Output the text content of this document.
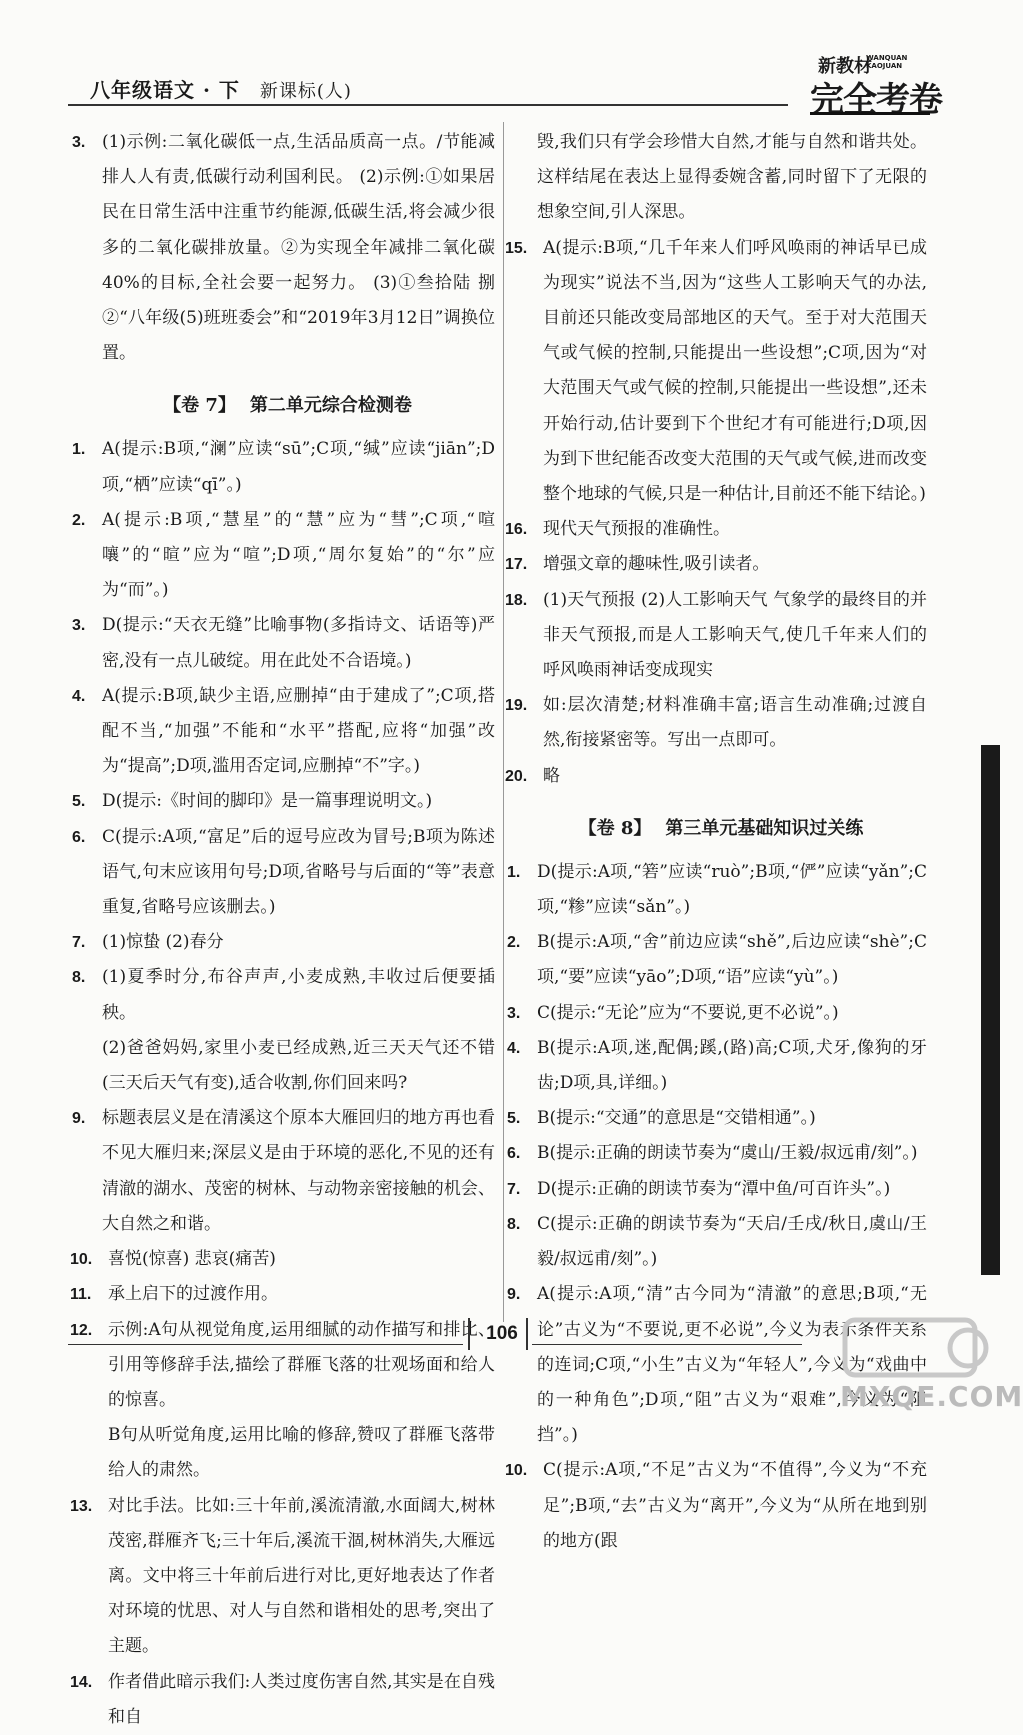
八年级语文 · 下 新课标(人)
新教材
WANQUAN
KAOJUAN
完全考卷
3. (1)示例:二氧化碳低一点,生活品质高一点。/节能减排人人有责,低碳行动利国利民。 (2)示例:①如果居民在日常生活中注重节约能源,低碳生活,将会减少很多的二氧化碳排放量。②为实现全年减排二氧化碳40%的目标,全社会要一起努力。 (3)①叁拾陆 捌 ②“八年级(5)班班委会”和“2019年3月12日”调换位置。
【卷 7】 第二单元综合检测卷
1. A(提示:B项,“澜”应读“sū”;C项,“缄”应读“jiān”;D项,“栖”应读“qī”。)
2. A(提示:B项,“慧星”的“慧”应为“彗”;C项,“喧嚷”的“暄”应为“喧”;D项,“周尔复始”的“尔”应为“而”。)
3. D(提示:“天衣无缝”比喻事物(多指诗文、话语等)严密,没有一点儿破绽。用在此处不合语境。)
4. A(提示:B项,缺少主语,应删掉“由于建成了”;C项,搭配不当,“加强”不能和“水平”搭配,应将“加强”改为“提高”;D项,滥用否定词,应删掉“不”字。)
5. D(提示:《时间的脚印》是一篇事理说明文。)
6. C(提示:A项,“富足”后的逗号应改为冒号;B项为陈述语气,句末应该用句号;D项,省略号与后面的“等”表意重复,省略号应该删去。)
7. (1)惊蛰 (2)春分
8. (1)夏季时分,布谷声声,小麦成熟,丰收过后便要插秧。
(2)爸爸妈妈,家里小麦已经成熟,近三天天气还不错(三天后天气有变),适合收割,你们回来吗?
9. 标题表层义是在清溪这个原本大雁回归的地方再也看不见大雁归来;深层义是由于环境的恶化,不见的还有清澈的湖水、茂密的树林、与动物亲密接触的机会、大自然之和谐。
10. 喜悦(惊喜) 悲哀(痛苦)
11. 承上启下的过渡作用。
12. 示例:A句从视觉角度,运用细腻的动作描写和排比、引用等修辞手法,描绘了群雁飞落的壮观场面和给人的惊喜。
B句从听觉角度,运用比喻的修辞,赞叹了群雁飞落带给人的肃然。
13. 对比手法。比如:三十年前,溪流清澈,水面阔大,树林茂密,群雁齐飞;三十年后,溪流干涸,树林消失,大雁远离。文中将三十年前后进行对比,更好地表达了作者对环境的忧思、对人与自然和谐相处的思考,突出了主题。
14. 作者借此暗示我们:人类过度伤害自然,其实是在自残和自
毁,我们只有学会珍惜大自然,才能与自然和谐共处。这样结尾在表达上显得委婉含蓄,同时留下了无限的想象空间,引人深思。
15. A(提示:B项,“几千年来人们呼风唤雨的神话早已成为现实”说法不当,因为“这些人工影响天气的办法,目前还只能改变局部地区的天气。至于对大范围天气或气候的控制,只能提出一些设想”;C项,因为“对大范围天气或气候的控制,只能提出一些设想”,还未开始行动,估计要到下个世纪才有可能进行;D项,因为到下世纪能否改变大范围的天气或气候,进而改变整个地球的气候,只是一种估计,目前还不能下结论。)
16. 现代天气预报的准确性。
17. 增强文章的趣味性,吸引读者。
18. (1)天气预报 (2)人工影响天气 气象学的最终目的并非天气预报,而是人工影响天气,使几千年来人们的呼风唤雨神话变成现实
19. 如:层次清楚;材料准确丰富;语言生动准确;过渡自然,衔接紧密等。写出一点即可。
20. 略
【卷 8】 第三单元基础知识过关练
1. D(提示:A项,“箬”应读“ruò”;B项,“俨”应读“yǎn”;C项,“糁”应读“sǎn”。)
2. B(提示:A项,“舍”前边应读“shě”,后边应读“shè”;C项,“要”应读“yāo”;D项,“语”应读“yù”。)
3. C(提示:“无论”应为“不要说,更不必说”。)
4. B(提示:A项,迷,配偶;蹊,(路)高;C项,犬牙,像狗的牙齿;D项,具,详细。)
5. B(提示:“交通”的意思是“交错相通”。)
6. B(提示:正确的朗读节奏为“虞山/王毅/叔远甫/刻”。)
7. D(提示:正确的朗读节奏为“潭中鱼/可百许头”。)
8. C(提示:正确的朗读节奏为“天启/壬戌/秋日,虞山/王毅/叔远甫/刻”。)
9. A(提示:A项,“清”古今同为“清澈”的意思;B项,“无论”古义为“不要说,更不必说”,今义为表示条件关系的连词;C项,“小生”古义为“年轻人”,今义为“戏曲中的一种角色”;D项,“阻”古义为“艰难”,今义为“阻挡”。)
10. C(提示:A项,“不足”古义为“不值得”,今义为“不充足”;B项,“去”古义为“离开”,今义为“从所在地到别的地方(跟
106
MXQE.COM
